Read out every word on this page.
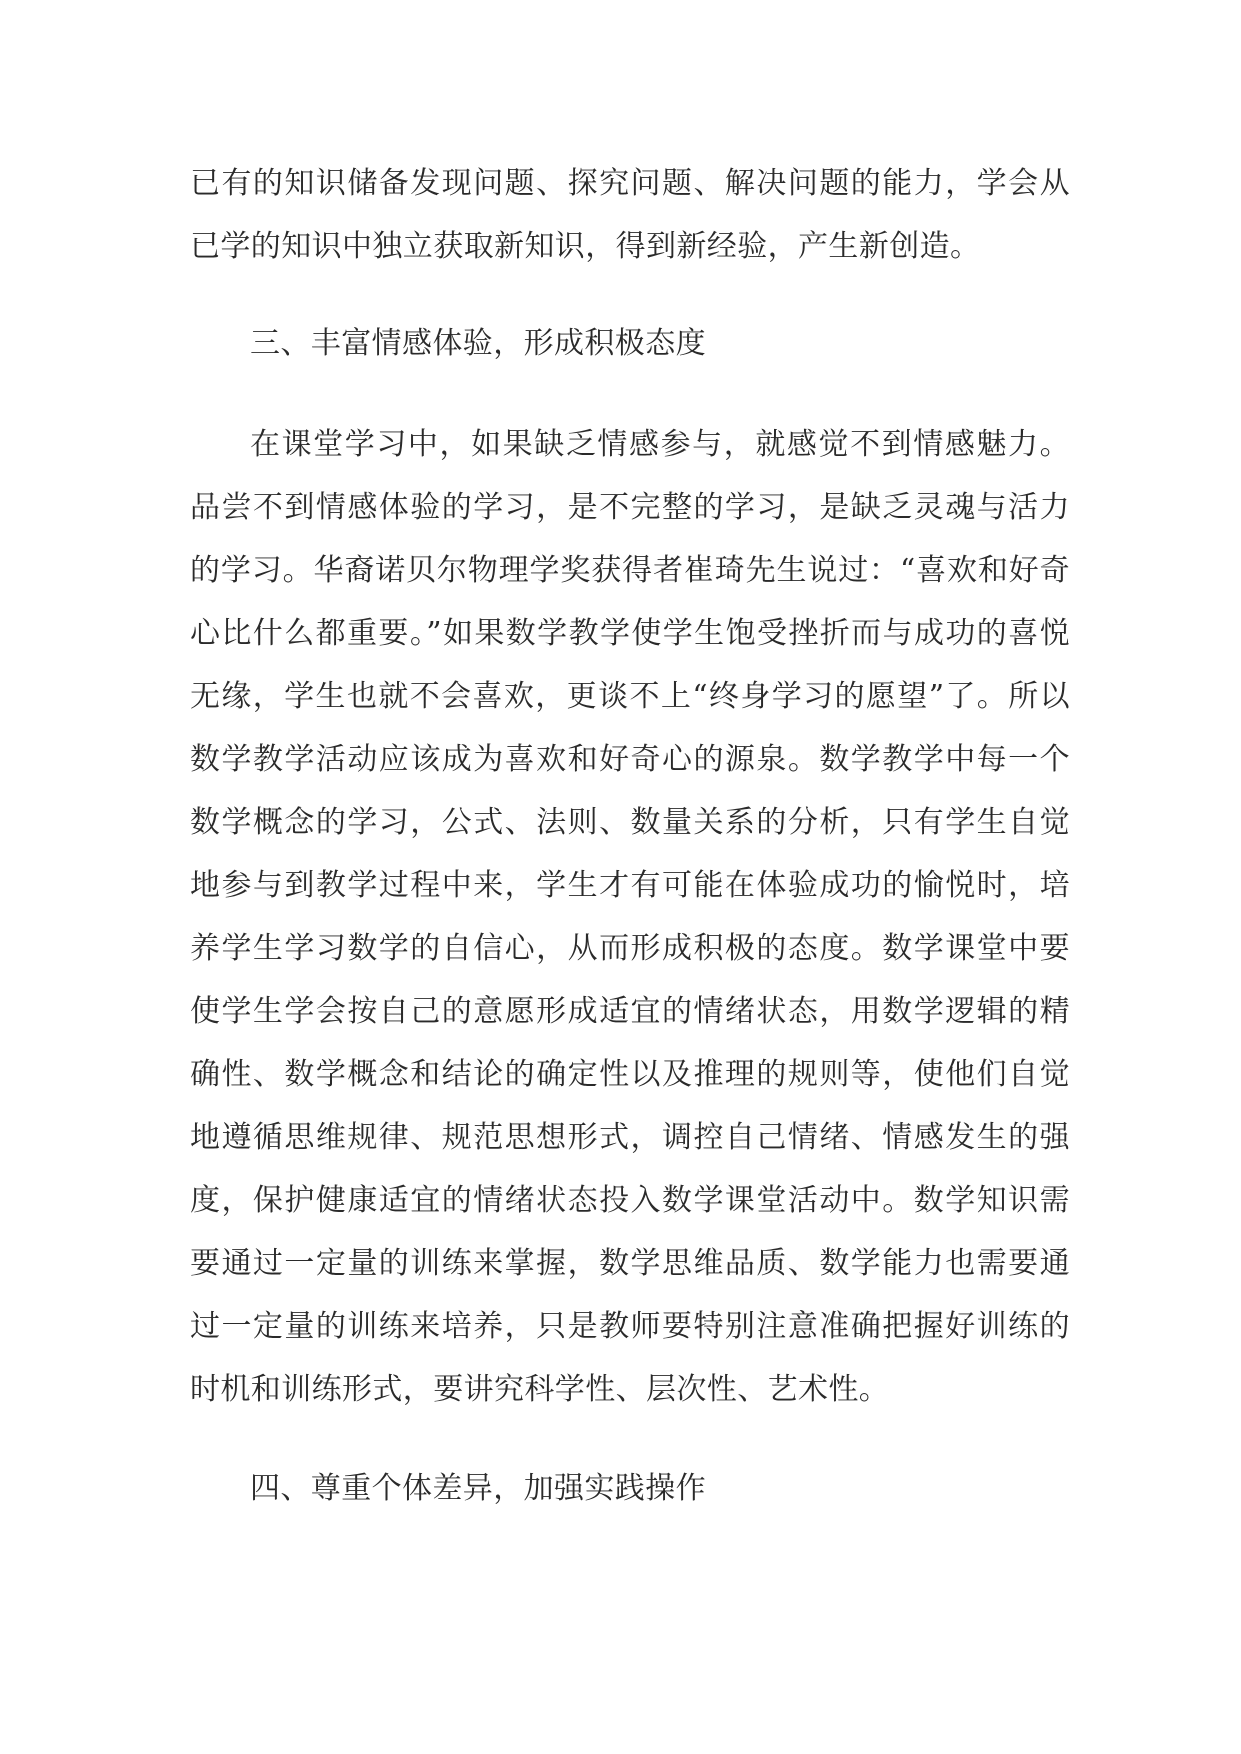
已有的知识储备发现问题、探究问题、解决问题的能力，学会从已学的知识中独立获取新知识，得到新经验，产生新创造。

三、丰富情感体验，形成积极态度

在课堂学习中，如果缺乏情感参与，就感觉不到情感魅力。品尝不到情感体验的学习，是不完整的学习，是缺乏灵魂与活力的学习。华裔诺贝尔物理学奖获得者崔琦先生说过：“喜欢和好奇心比什么都重要。”如果数学教学使学生饱受挫折而与成功的喜悦无缘，学生也就不会喜欢，更谈不上“终身学习的愿望”了。所以数学教学活动应该成为喜欢和好奇心的源泉。数学教学中每一个数学概念的学习，公式、法则、数量关系的分析，只有学生自觉地参与到教学过程中来，学生才有可能在体验成功的愉悦时，培养学生学习数学的自信心，从而形成积极的态度。数学课堂中要使学生学会按自己的意愿形成适宜的情绪状态，用数学逻辑的精确性、数学概念和结论的确定性以及推理的规则等，使他们自觉地遵循思维规律、规范思想形式，调控自己情绪、情感发生的强度，保护健康适宜的情绪状态投入数学课堂活动中。数学知识需要通过一定量的训练来掌握，数学思维品质、数学能力也需要通过一定量的训练来培养，只是教师要特别注意准确把握好训练的时机和训练形式，要讲究科学性、层次性、艺术性。

四、尊重个体差异，加强实践操作
